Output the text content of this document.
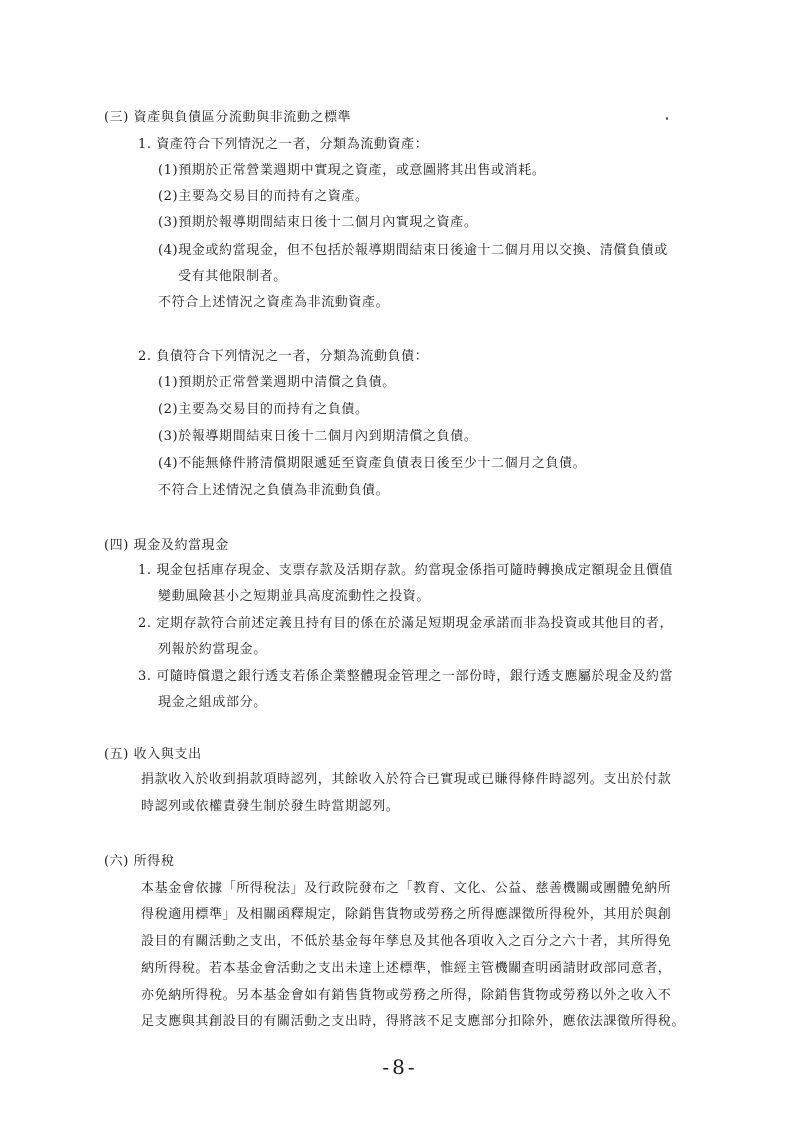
(三) 資產與負債區分流動與非流動之標準
1. 資產符合下列情況之一者，分類為流動資產：
(1)預期於正常營業週期中實現之資產，或意圖將其出售或消耗。
(2)主要為交易目的而持有之資產。
(3)預期於報導期間結束日後十二個月內實現之資產。
(4)現金或約當現金，但不包括於報導期間結束日後逾十二個月用以交換、清償負債或
受有其他限制者。
不符合上述情況之資產為非流動資產。
2. 負債符合下列情況之一者，分類為流動負債：
(1)預期於正常營業週期中清償之負債。
(2)主要為交易目的而持有之負債。
(3)於報導期間結束日後十二個月內到期清償之負債。
(4)不能無條件將清償期限遞延至資產負債表日後至少十二個月之負債。
不符合上述情況之負債為非流動負債。
(四) 現金及約當現金
1. 現金包括庫存現金、支票存款及活期存款。約當現金係指可隨時轉換成定額現金且價值
變動風險甚小之短期並具高度流動性之投資。
2. 定期存款符合前述定義且持有目的係在於滿足短期現金承諾而非為投資或其他目的者，
列報於約當現金。
3. 可隨時償還之銀行透支若係企業整體現金管理之一部份時，銀行透支應屬於現金及約當
現金之組成部分。
(五) 收入與支出
捐款收入於收到捐款項時認列，其餘收入於符合已實現或已賺得條件時認列。支出於付款
時認列或依權責發生制於發生時當期認列。
(六) 所得稅
本基金會依據「所得稅法」及行政院發布之「教育、文化、公益、慈善機關或團體免納所
得稅適用標準」及相關函釋規定，除銷售貨物或勞務之所得應課徵所得稅外，其用於與創
設目的有關活動之支出，不低於基金每年孳息及其他各項收入之百分之六十者，其所得免
納所得稅。若本基金會活動之支出未達上述標準，惟經主管機關查明函請財政部同意者，
亦免納所得稅。另本基金會如有銷售貨物或勞務之所得，除銷售貨物或勞務以外之收入不
足支應與其創設目的有關活動之支出時，得將該不足支應部分扣除外，應依法課徵所得稅。
-8-
